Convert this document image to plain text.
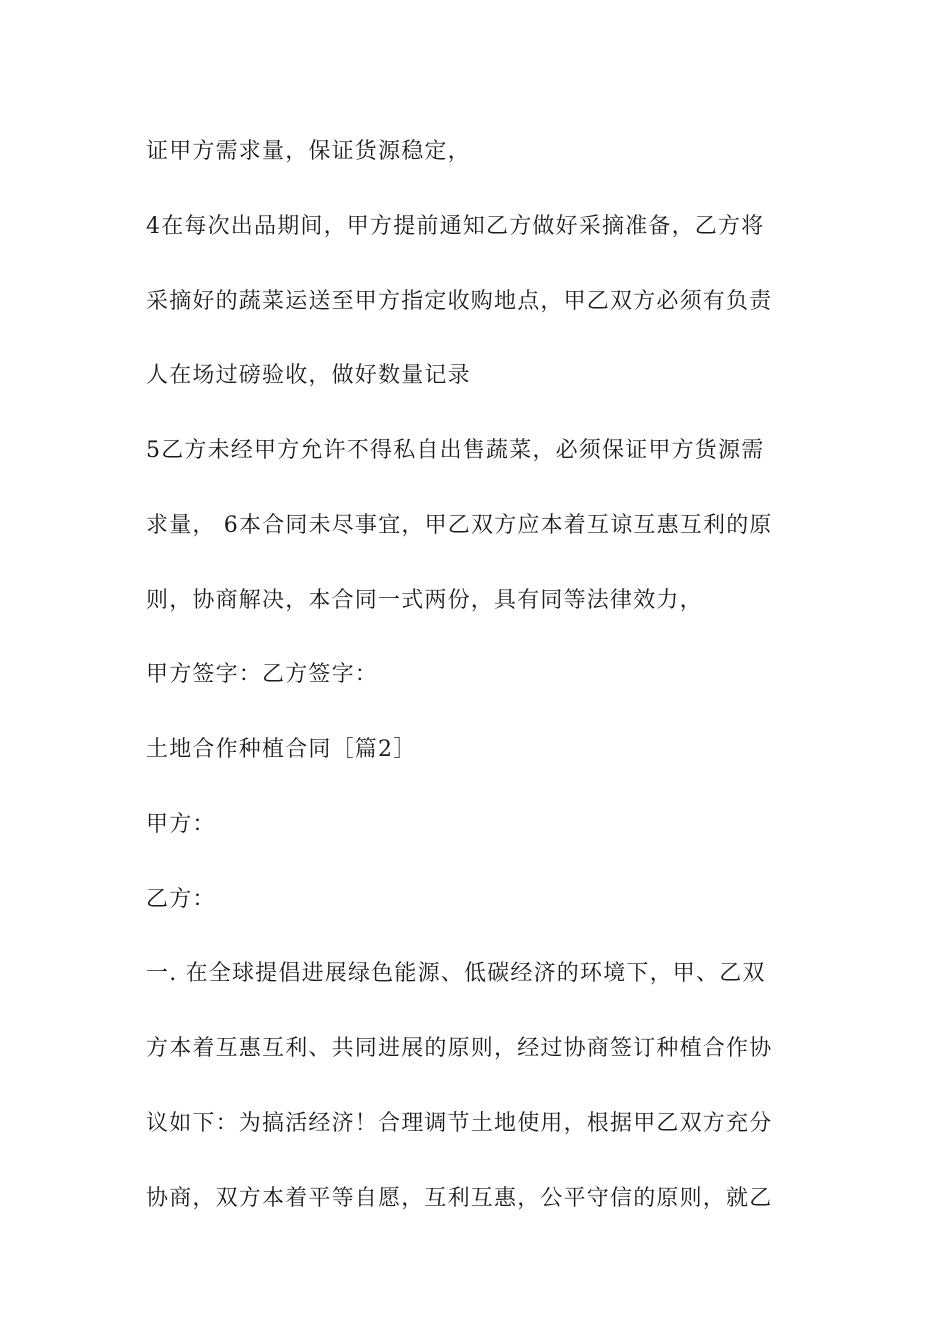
证甲方需求量，保证货源稳定，
4在每次出品期间，甲方提前通知乙方做好采摘准备，乙方将
采摘好的蔬菜运送至甲方指定收购地点，甲乙双方必须有负责
人在场过磅验收，做好数量记录
5乙方未经甲方允许不得私自出售蔬菜，必须保证甲方货源需
求量， 6本合同未尽事宜，甲乙双方应本着互谅互惠互利的原
则，协商解决，本合同一式两份，具有同等法律效力，
甲方签字：乙方签字：
土地合作种植合同［篇2］
甲方：
乙方：
一. 在全球提倡进展绿色能源、低碳经济的环境下，甲、乙双
方本着互惠互利、共同进展的原则，经过协商签订种植合作协
议如下：为搞活经济！合理调节土地使用，根据甲乙双方充分
协商，双方本着平等自愿，互利互惠，公平守信的原则，就乙
